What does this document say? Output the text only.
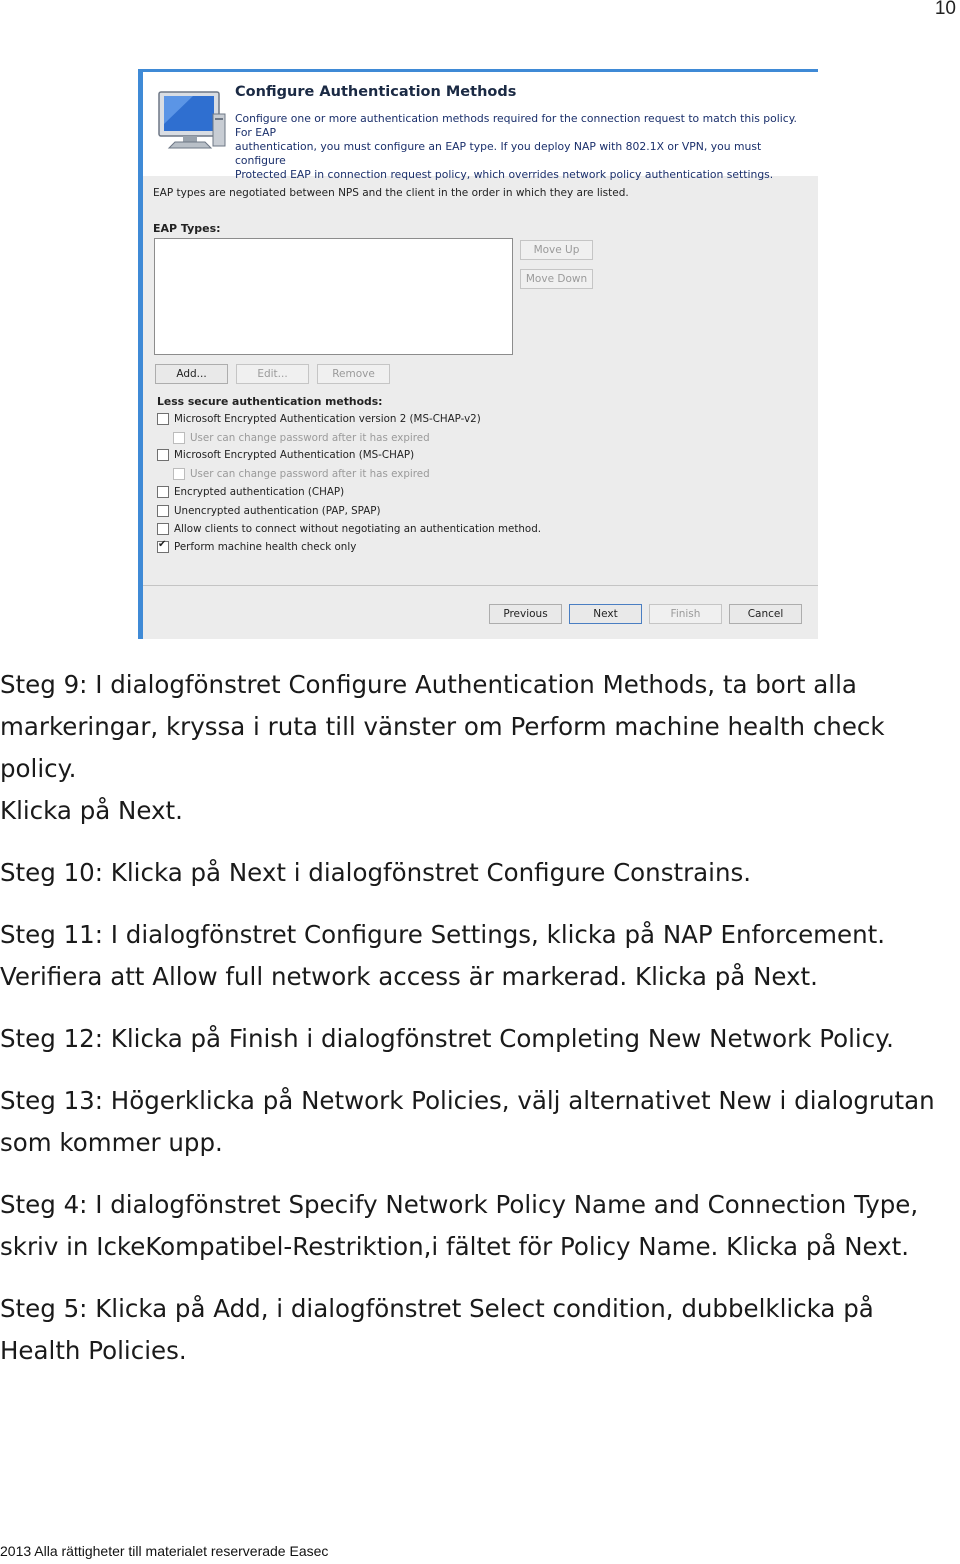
10
Configure Authentication Methods
Configure one or more authentication methods required for the connection request to match this policy. For EAP
authentication, you must configure an EAP type. If you deploy NAP with 802.1X or VPN, you must configure
Protected EAP in connection request policy, which overrides network policy authentication settings.
EAP types are negotiated between NPS and the client in the order in which they are listed.
EAP Types:
Move Up
Move Down
Add...	Edit...	Remove
Less secure authentication methods:
Microsoft Encrypted Authentication version 2 (MS-CHAP-v2)
User can change password after it has expired
Microsoft Encrypted Authentication (MS-CHAP)
User can change password after it has expired
Encrypted authentication (CHAP)
Unencrypted authentication (PAP, SPAP)
Allow clients to connect without negotiating an authentication method.
✔
Perform machine health check only
Previous	Next	Finish	Cancel

Steg 9: I dialogfönstret Configure Authentication Methods, ta bort alla markeringar, kryssa i ruta till vänster om Perform machine health check policy.

Klicka på Next.

Steg 10: Klicka på Next i dialogfönstret Configure Constrains.

Steg 11: I dialogfönstret Configure Settings, klicka på NAP Enforcement. Verifiera att Allow full network access är markerad. Klicka på Next.

Steg 12: Klicka på Finish i dialogfönstret Completing New Network Policy.

Steg 13: Högerklicka på Network Policies, välj alternativet New i dialogrutan som kommer upp.

Steg 4: I dialogfönstret Specify Network Policy Name and Connection Type, skriv in IckeKompatibel-Restriktion,i fältet för Policy Name. Klicka på Next.

Steg 5: Klicka på Add, i dialogfönstret Select condition, dubbelklicka på Health Policies.

2013 Alla rättigheter till materialet reserverade Easec
